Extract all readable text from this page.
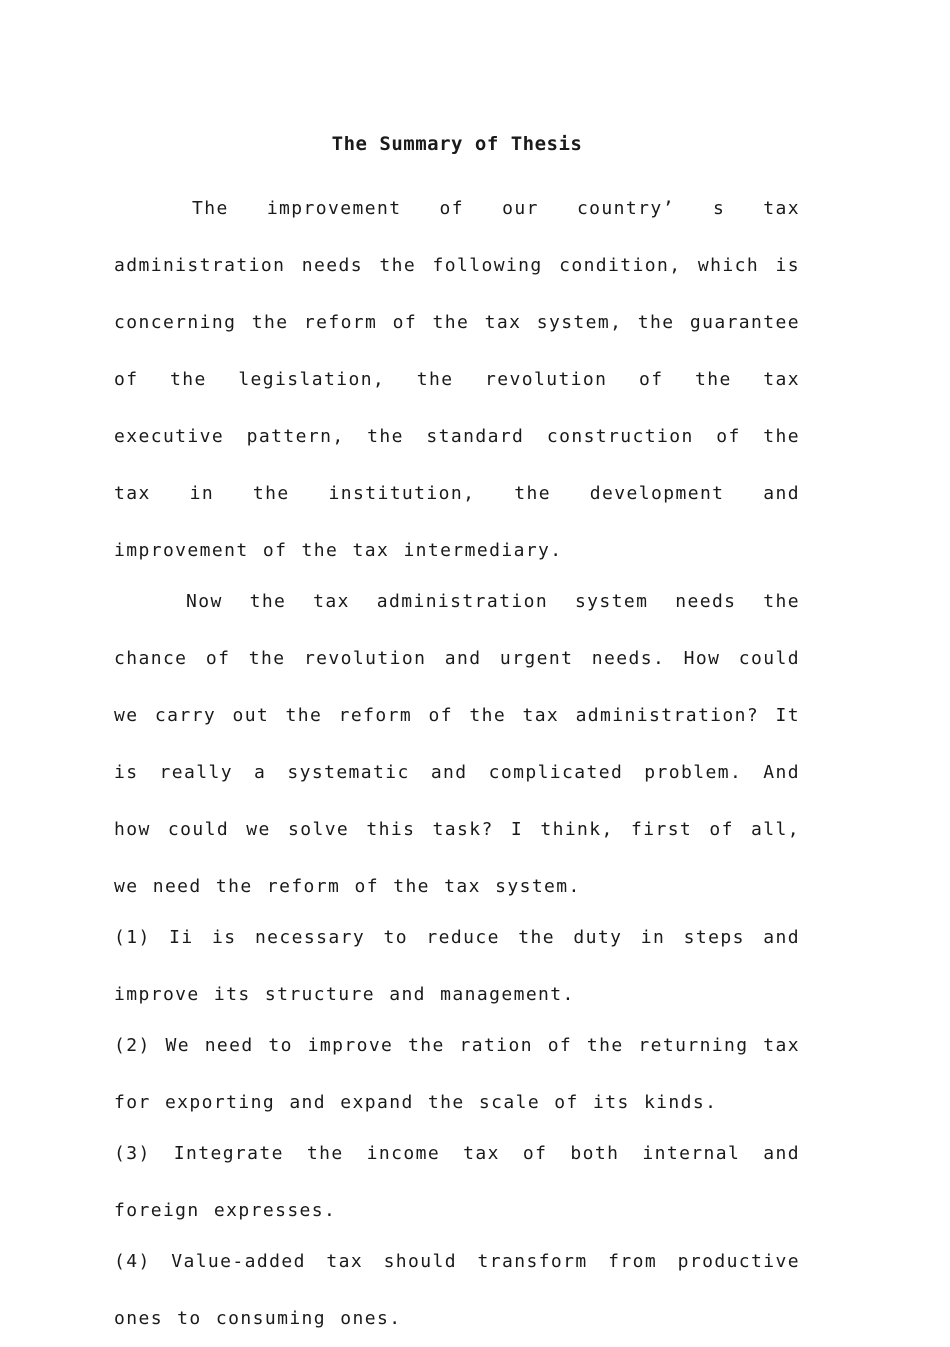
The Summary of Thesis

The improvement of our country’ s tax administration needs the following condition, which is concerning the reform of the tax system, the guarantee of the legislation, the revolution of the tax executive pattern, the standard construction of the tax in the institution, the development and improvement of the tax intermediary.

Now the tax administration system needs the chance of the revolution and urgent needs. How could we carry out the reform of the tax administration? It is really a systematic and complicated problem. And how could we solve this task? I think, first of all, we need the reform of the tax system.

(1) Ii is necessary to reduce the duty in steps and improve its structure and management.

(2) We need to improve the ration of the returning tax for exporting and expand the scale of its kinds.

(3) Integrate the income tax of both internal and foreign expresses.

(4) Value-added tax should transform from productive ones to consuming ones.
